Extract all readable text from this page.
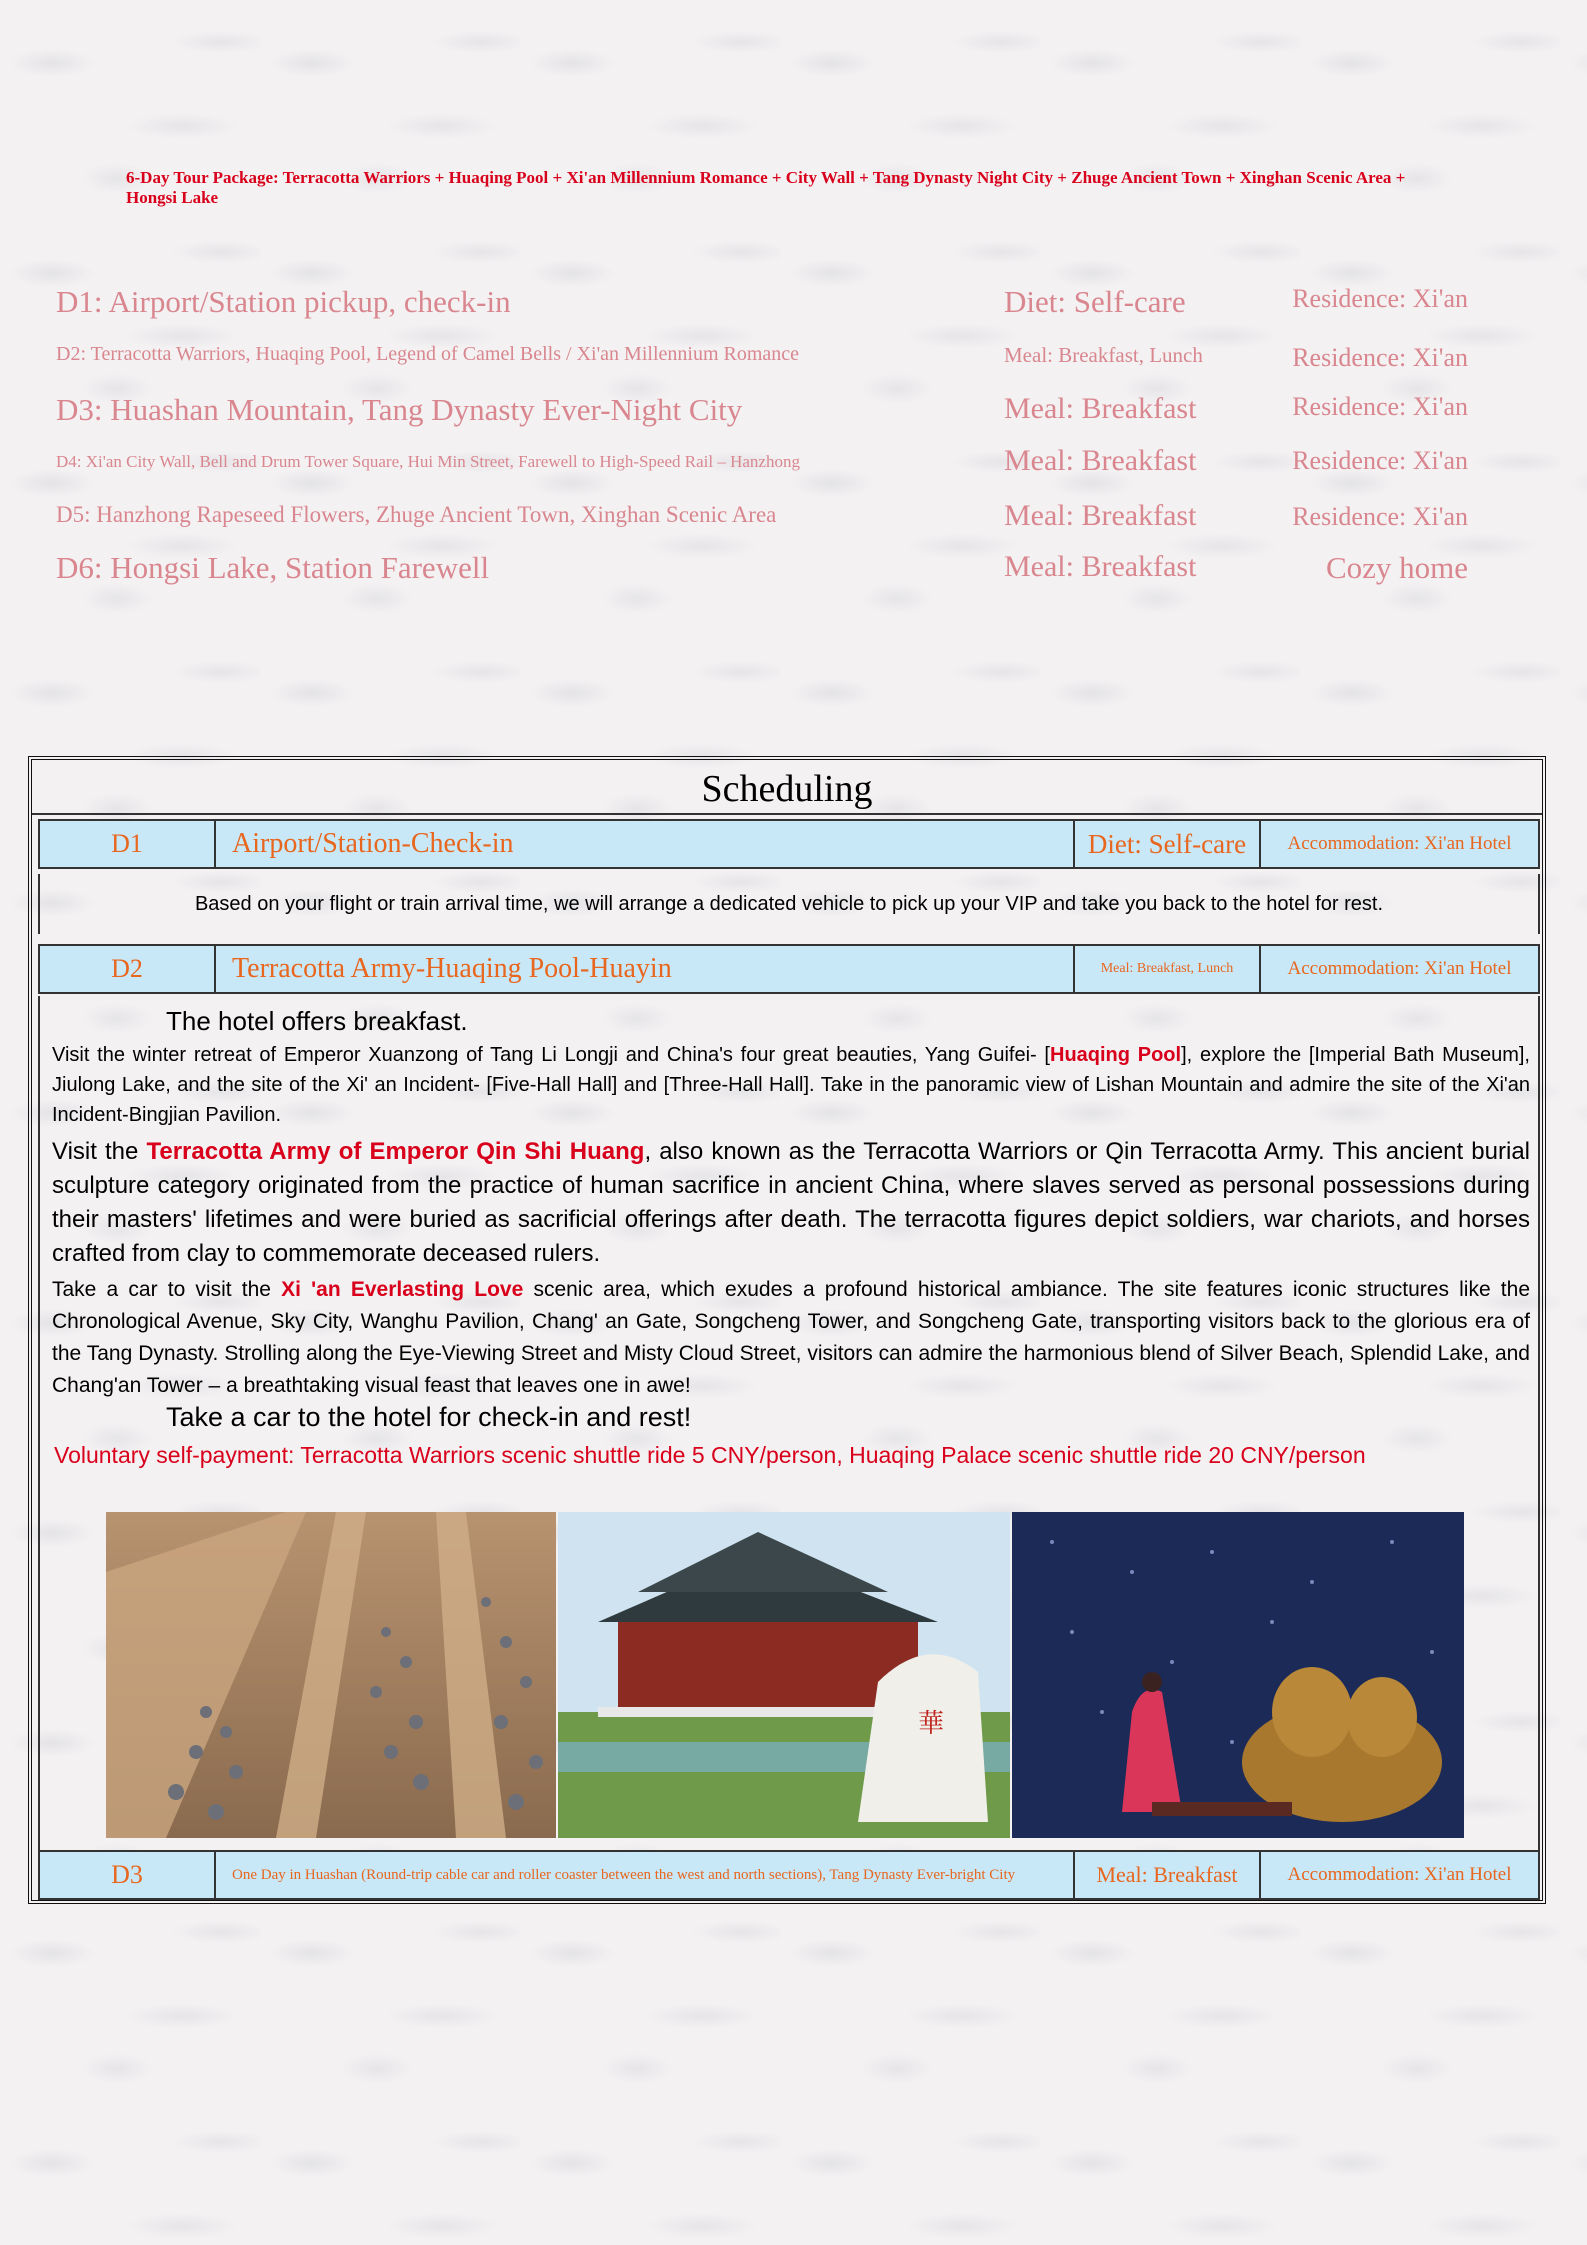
6-Day Tour Package: Terracotta Warriors + Huaqing Pool + Xi'an Millennium Romance + City Wall + Tang Dynasty Night City + Zhuge Ancient Town + Xinghan Scenic Area + Hongsi Lake
D1: Airport/Station pickup, check-in	Diet: Self-care	Residence: Xi'an
D2: Terracotta Warriors, Huaqing Pool, Legend of Camel Bells / Xi'an Millennium Romance	Meal: Breakfast, Lunch	Residence: Xi'an
D3: Huashan Mountain, Tang Dynasty Ever-Night City	Meal: Breakfast	Residence: Xi'an
D4: Xi'an City Wall, Bell and Drum Tower Square, Hui Min Street, Farewell to High-Speed Rail – Hanzhong	Meal: Breakfast	Residence: Xi'an
D5: Hanzhong Rapeseed Flowers, Zhuge Ancient Town, Xinghan Scenic Area	Meal: Breakfast	Residence: Xi'an
D6: Hongsi Lake, Station Farewell	Meal: Breakfast	Cozy home
Scheduling
D1	Airport/Station-Check-in	Diet: Self-care	Accommodation: Xi'an Hotel
Based on your flight or train arrival time, we will arrange a dedicated vehicle to pick up your VIP and take you back to the hotel for rest.
D2	Terracotta Army-Huaqing Pool-Huayin	Meal: Breakfast, Lunch	Accommodation: Xi'an Hotel
The hotel offers breakfast.
Visit the winter retreat of Emperor Xuanzong of Tang Li Longji and China's four great beauties, Yang Guifei- [Huaqing Pool], explore the [Imperial Bath Museum], Jiulong Lake, and the site of the Xi' an Incident- [Five-Hall Hall] and [Three-Hall Hall]. Take in the panoramic view of Lishan Mountain and admire the site of the Xi'an Incident-Bingjian Pavilion.
Visit the Terracotta Army of Emperor Qin Shi Huang, also known as the Terracotta Warriors or Qin Terracotta Army. This ancient burial sculpture category originated from the practice of human sacrifice in ancient China, where slaves served as personal possessions during their masters' lifetimes and were buried as sacrificial offerings after death. The terracotta figures depict soldiers, war chariots, and horses crafted from clay to commemorate deceased rulers.
Take a car to visit the Xi 'an Everlasting Love scenic area, which exudes a profound historical ambiance. The site features iconic structures like the Chronological Avenue, Sky City, Wanghu Pavilion, Chang' an Gate, Songcheng Tower, and Songcheng Gate, transporting visitors back to the glorious era of the Tang Dynasty. Strolling along the Eye-Viewing Street and Misty Cloud Street, visitors can admire the harmonious blend of Silver Beach, Splendid Lake, and Chang'an Tower – a breathtaking visual feast that leaves one in awe!
Take a car to the hotel for check-in and rest!
Voluntary self-payment: Terracotta Warriors scenic shuttle ride 5 CNY/person, Huaqing Palace scenic shuttle ride 20 CNY/person
D3	One Day in Huashan (Round-trip cable car and roller coaster between the west and north sections), Tang Dynasty Ever-bright City	Meal: Breakfast	Accommodation: Xi'an Hotel
華
